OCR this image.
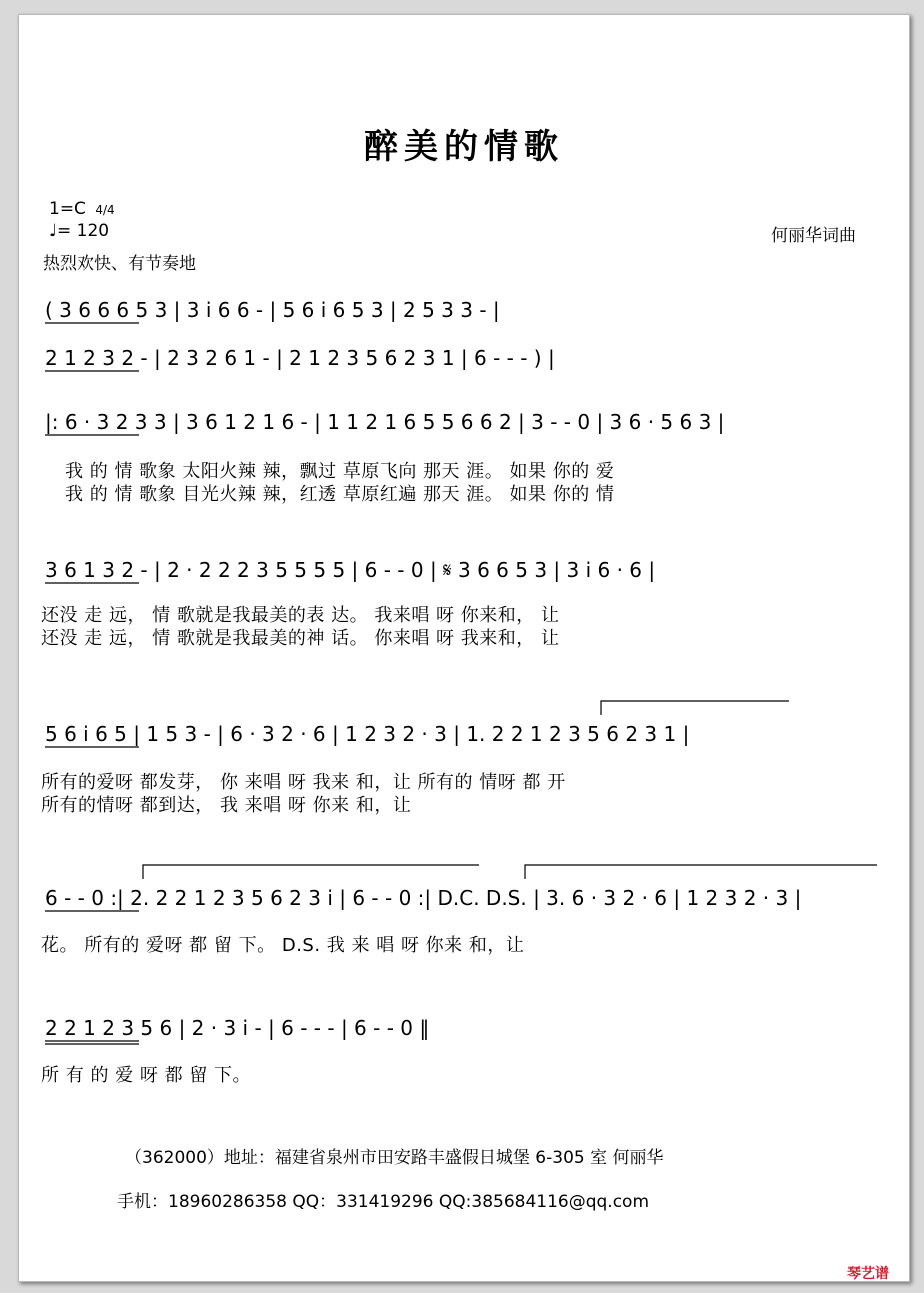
醉美的情歌
1=C 4/4
♩= 120
热烈欢快、有节奏地
何丽华词曲
( 3 6 6 6 5 3 | 3 i 6 6 - | 5 6 i 6 5 3 | 2 5 3 3 - |
2 1 2 3 2 - | 2 3 2 6 1 - | 2 1 2 3 5 6 2 3 1 | 6 - - - ) |
|: 6 · 3 2 3 3 | 3 6 1 2 1 6 - | 1 1 2 1 6 5 5 6 6 2 | 3 - - 0 | 3 6 · 5 6 3 |
3 6 1 3 2 - | 2 · 2 2 2 3 5 5 5 5 | 6 - - 0 | 𝄋 3 6 6 5 3 | 3 i 6 · 6 |
5 6 i 6 5 | 1 5 3 - | 6 · 3 2 · 6 | 1 2 3 2 · 3 | 1. 2 2 1 2 3 5 6 2 3 1 |
6 - - 0 :| 2. 2 2 1 2 3 5 6 2 3 i | 6 - - 0 :| D.C. D.S. | 3. 6 · 3 2 · 6 | 1 2 3 2 · 3 |
2 2 1 2 3 5 6 | 2 · 3 i - | 6 - - - | 6 - - 0 ‖
我 的 情 歌象 太阳火辣 辣，飘过 草原飞向 那天 涯。 如果 你的 爱
我 的 情 歌象 目光火辣 辣，红透 草原红遍 那天 涯。 如果 你的 情
还没 走 远， 情 歌就是我最美的表 达。 我来唱 呀 你来和， 让
还没 走 远， 情 歌就是我最美的神 话。 你来唱 呀 我来和， 让
所有的爱呀 都发芽， 你 来唱 呀 我来 和，让 所有的 情呀 都 开
所有的情呀 都到达， 我 来唱 呀 你来 和，让
花。 所有的 爱呀 都 留 下。 D.S. 我 来 唱 呀 你来 和，让
所 有 的 爱 呀 都 留 下。
（362000）地址：福建省泉州市田安路丰盛假日城堡 6-305 室 何丽华
手机：18960286358 QQ：331419296 QQ:385684116@qq.com
琴艺谱
